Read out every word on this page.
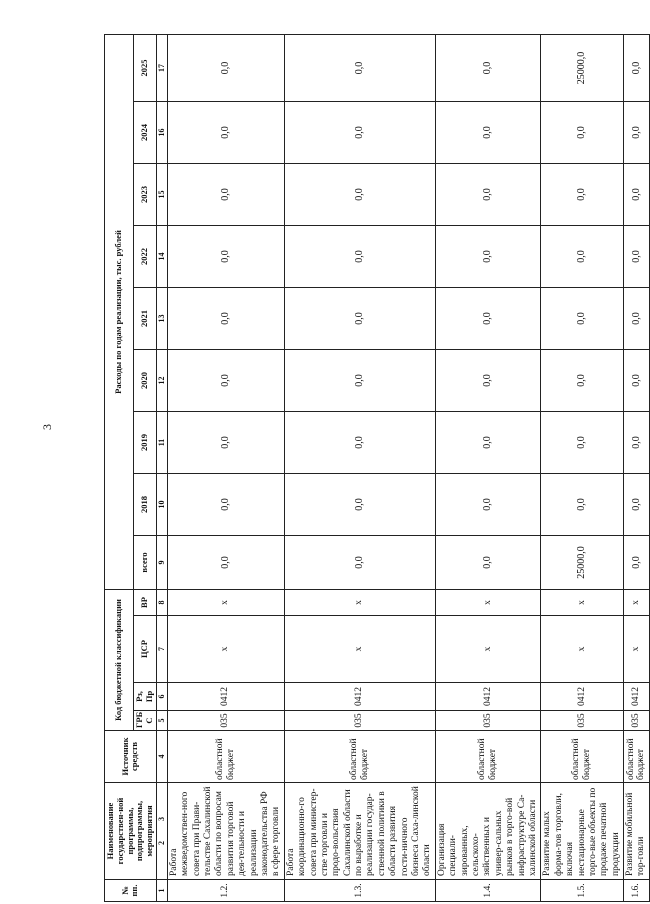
3
№ пп.	Наименование государствен-ной программы, подпрограммы, мероприятия	Источник средств	Код бюджетной классификации				Расходы по годам реализации, тыс. рублей								
			ГРБ С	Рз, Пр	ЦСР	ВР	всего	2018	2019	2020	2021	2022	2023	2024	2025
1	2          3	4	5	6	7	8	9	10	11	12	13	14	15	16	17
1.2.	Работа межведомствен-ного совета при Прави-тельстве Сахалинской области по вопросам развития торговой дея-тельности и реализации законодательства РФ в сфере торговли	областной бюджет	035	0412	x	x	0,0	0,0	0,0	0,0	0,0	0,0	0,0	0,0	0,0
1.3.	Работа координационно-го совета при министер-стве торговли и продо-вольствия Сахалинской области по выработке и реализации государ-ственной политики в области развития гости-ничного бизнеса Саха-линской области	областной бюджет	035	0412	x	x	0,0	0,0	0,0	0,0	0,0	0,0	0,0	0,0	0,0
1.4.	Организация специали-зированных, сельскохо-зяйственных и универ-сальных рынков в торго-вой инфраструктуре Са-халинской области	областной бюджет	035	0412	x	x	0,0	0,0	0,0	0,0	0,0	0,0	0,0	0,0	0,0
1.5.	Развитие малых форма-тов торговли, включая нестационарные торго-вые объекты по продаже печатной продукции	областной бюджет	035	0412	x	x	25000,0	0,0	0,0	0,0	0,0	0,0	0,0	0,0	25000,0
1.6.	Развитие мобильной тор-говли	областной бюджет	035	0412	x	x	0,0	0,0	0,0	0,0	0,0	0,0	0,0	0,0	0,0
